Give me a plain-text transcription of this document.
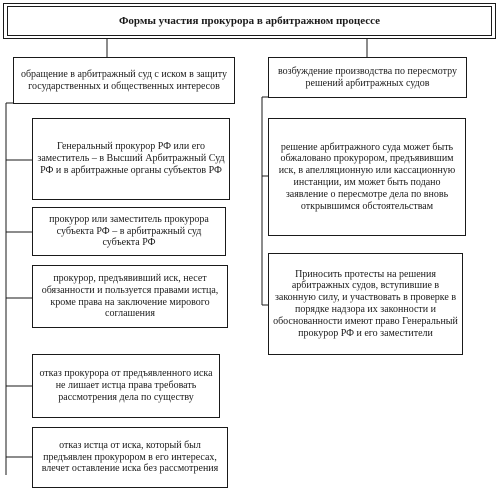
Формы участия прокурора в арбитражном процессе
обращение в арбитражный суд с иском в защиту государственных и общественных интересов
возбуждение производства по пересмотру решений арбитражных судов
Генеральный прокурор РФ или его заместитель – в Высший Арбитражный Суд РФ и в арбитражные органы субъектов РФ
прокурор или заместитель прокурора субъекта РФ – в арбитражный суд субъекта РФ
прокурор, предъявивший иск, несет обязанности и пользуется правами истца, кроме права на заключение мирового соглашения
отказ прокурора от предъявленного иска не лишает истца права требовать рассмотрения дела по существу
отказ истца от иска, который был предъявлен прокурором в его интересах, влечет оставление иска без рассмотрения
решение арбитражного суда может быть обжаловано прокурором, предъявившим иск, в апелляционную или кассационную инстанции, им может быть подано заявление о пересмотре дела по вновь открывшимся обстоятельствам
Приносить протесты на решения арбитражных судов, вступившие в законную силу, и участвовать в проверке в порядке надзора их законности и обоснованности имеют право Генеральный прокурор РФ и его заместители
